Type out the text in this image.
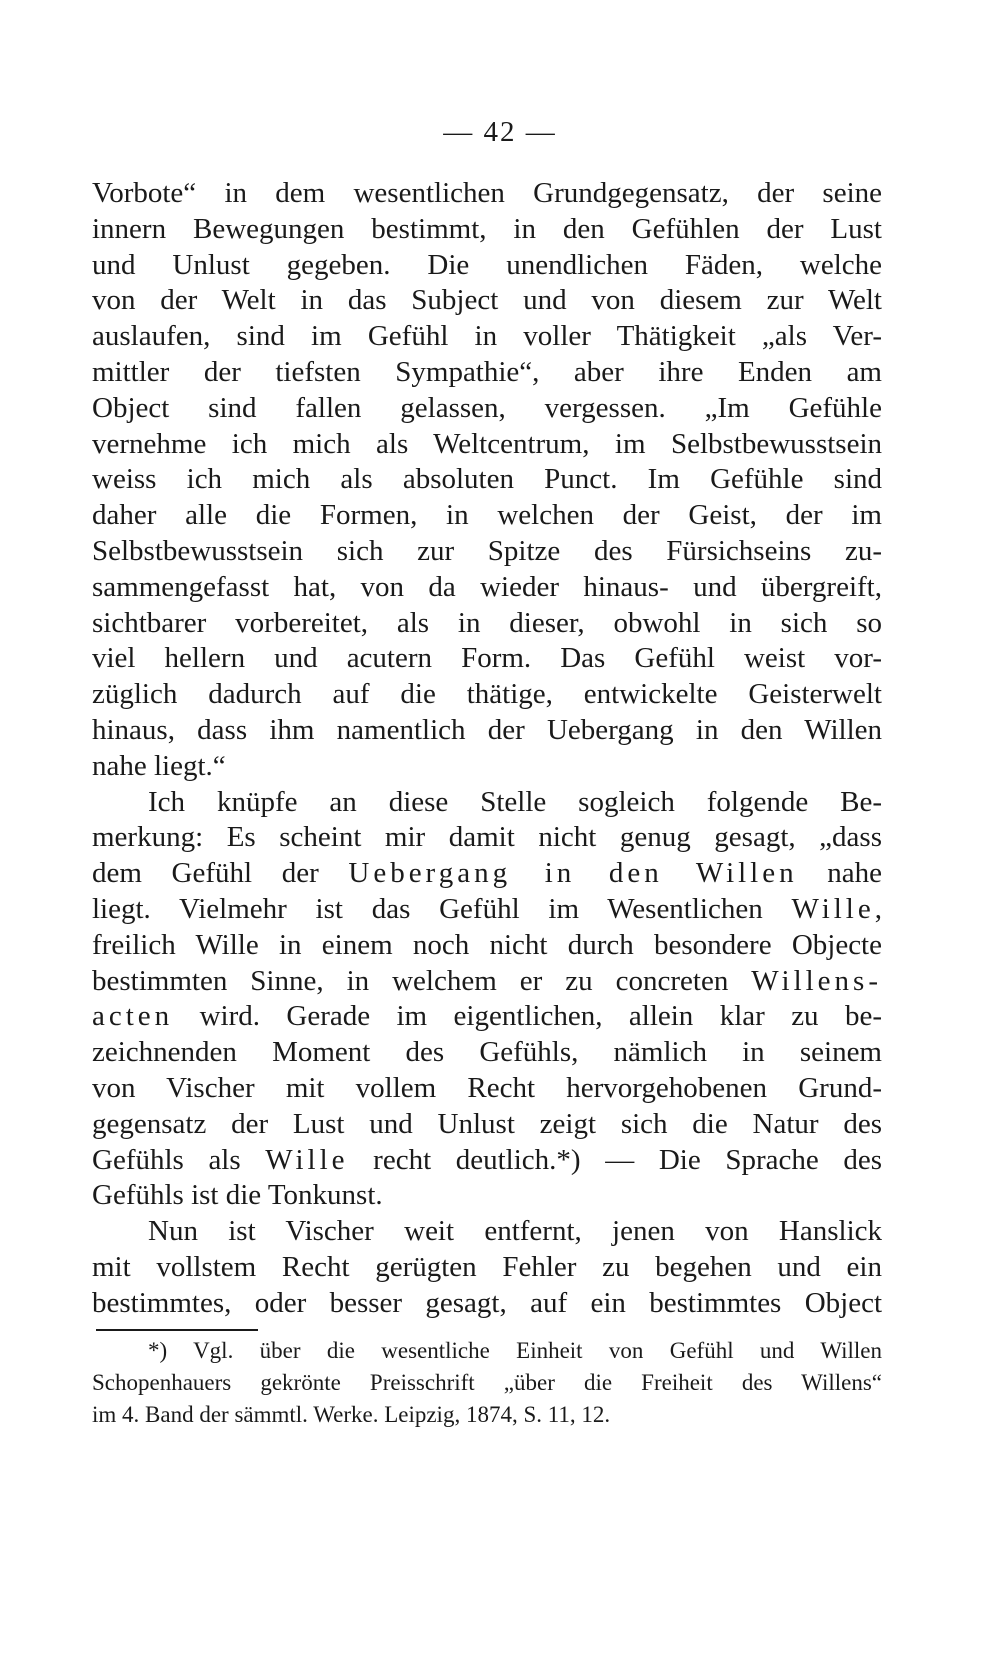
— 42 —
Vorbote“ in dem wesentlichen Grundgegensatz, der seine
innern Bewegungen bestimmt, in den Gefühlen der Lust
und Unlust gegeben. Die unendlichen Fäden, welche
von der Welt in das Subject und von diesem zur Welt
auslaufen, sind im Gefühl in voller Thätigkeit „als Ver-
mittler der tiefsten Sympathie“, aber ihre Enden am
Object sind fallen gelassen, vergessen. „Im Gefühle
vernehme ich mich als Weltcentrum, im Selbstbewusstsein
weiss ich mich als absoluten Punct. Im Gefühle sind
daher alle die Formen, in welchen der Geist, der im
Selbstbewusstsein sich zur Spitze des Fürsichseins zu-
sammengefasst hat, von da wieder hinaus- und übergreift,
sichtbarer vorbereitet, als in dieser, obwohl in sich so
viel hellern und acutern Form. Das Gefühl weist vor-
züglich dadurch auf die thätige, entwickelte Geisterwelt
hinaus, dass ihm namentlich der Uebergang in den Willen
nahe liegt.“
Ich knüpfe an diese Stelle sogleich folgende Be-
merkung: Es scheint mir damit nicht genug gesagt, „dass
dem Gefühl der Uebergang in den Willen nahe
liegt. Vielmehr ist das Gefühl im Wesentlichen Wille,
freilich Wille in einem noch nicht durch besondere Objecte
bestimmten Sinne, in welchem er zu concreten Willens-
acten wird. Gerade im eigentlichen, allein klar zu be-
zeichnenden Moment des Gefühls, nämlich in seinem
von Vischer mit vollem Recht hervorgehobenen Grund-
gegensatz der Lust und Unlust zeigt sich die Natur des
Gefühls als Wille recht deutlich.*) — Die Sprache des
Gefühls ist die Tonkunst.
Nun ist Vischer weit entfernt, jenen von Hanslick
mit vollstem Recht gerügten Fehler zu begehen und ein
bestimmtes, oder besser gesagt, auf ein bestimmtes Object
*) Vgl. über die wesentliche Einheit von Gefühl und Willen
Schopenhauers gekrönte Preisschrift „über die Freiheit des Willens“
im 4. Band der sämmtl. Werke. Leipzig, 1874, S. 11, 12.
